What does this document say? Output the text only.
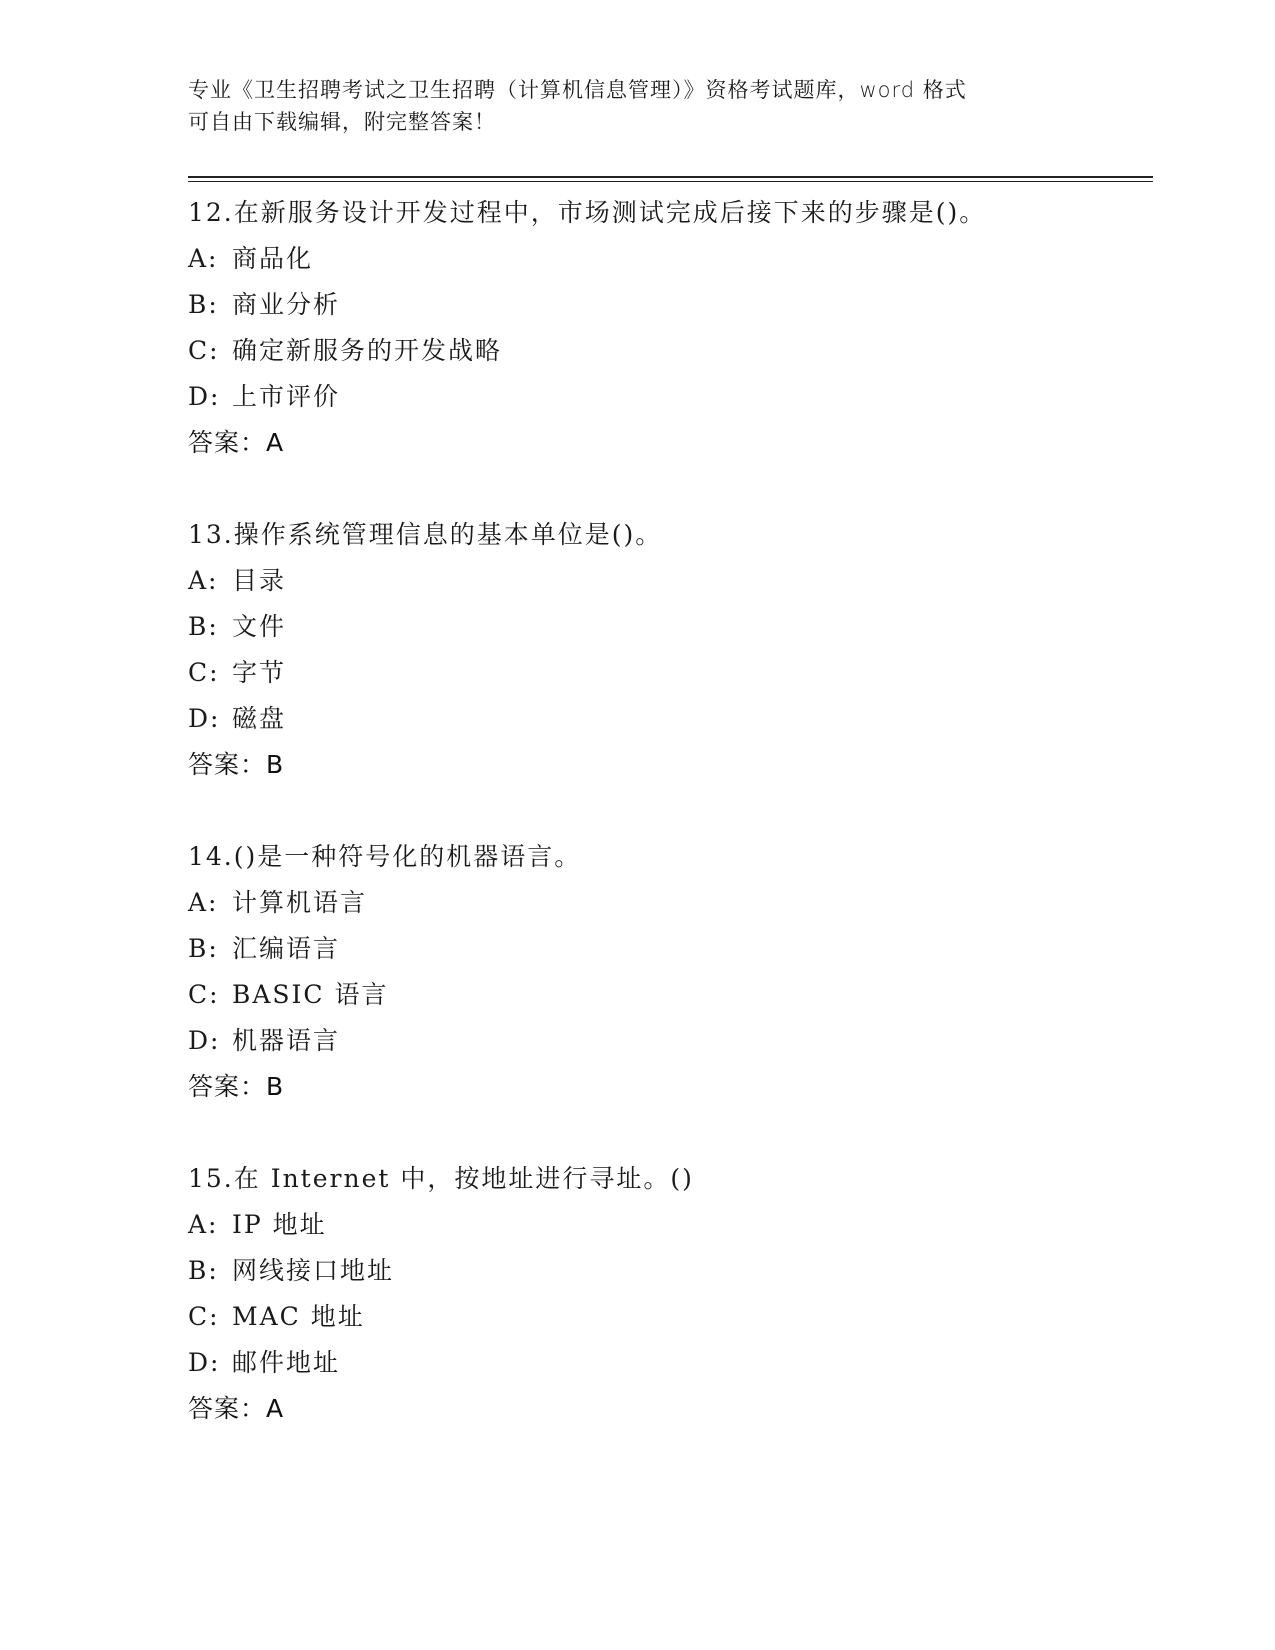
专业《卫生招聘考试之卫生招聘（计算机信息管理）》资格考试题库，word 格式
可自由下载编辑，附完整答案！
12.在新服务设计开发过程中，市场测试完成后接下来的步骤是()。
A: 商品化
B: 商业分析
C: 确定新服务的开发战略
D: 上市评价
答案：A
13.操作系统管理信息的基本单位是()。
A: 目录
B: 文件
C: 字节
D: 磁盘
答案：B
14.()是一种符号化的机器语言。
A: 计算机语言
B: 汇编语言
C: BASIC 语言
D: 机器语言
答案：B
15.在 Internet 中，按地址进行寻址。()
A: IP 地址
B: 网线接口地址
C: MAC 地址
D: 邮件地址
答案：A
